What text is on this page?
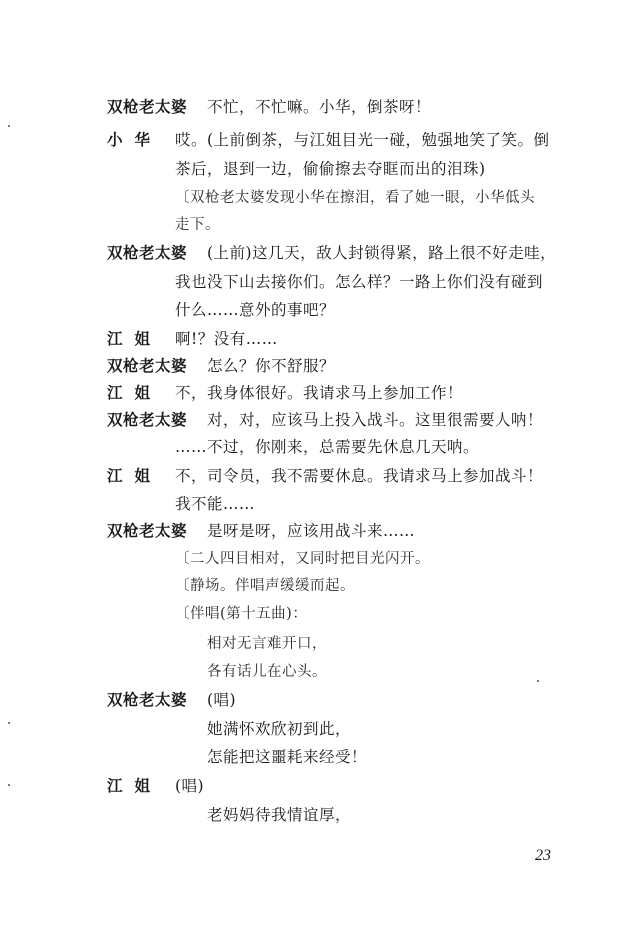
双枪老太婆 不忙，不忙嘛。小华，倒茶呀！
小华 哎。(上前倒茶，与江姐目光一碰，勉强地笑了笑。倒
茶后，退到一边，偷偷擦去夺眶而出的泪珠)
〔双枪老太婆发现小华在擦泪，看了她一眼，小华低头
走下。
双枪老太婆 (上前)这几天，敌人封锁得紧，路上很不好走哇，
我也没下山去接你们。怎么样？一路上你们没有碰到
什么……意外的事吧？
江姐 啊!？没有……
双枪老太婆 怎么？你不舒服？
江姐 不，我身体很好。我请求马上参加工作！
双枪老太婆 对，对，应该马上投入战斗。这里很需要人呐！
……不过，你刚来，总需要先休息几天呐。
江姐 不，司令员，我不需要休息。我请求马上参加战斗！
我不能……
双枪老太婆 是呀是呀，应该用战斗来……
〔二人四目相对，又同时把目光闪开。
〔静场。伴唱声缓缓而起。
〔伴唱(第十五曲)：
相对无言难开口，
各有话儿在心头。
双枪老太婆 (唱)
她满怀欢欣初到此，
怎能把这噩耗来经受！
江姐 (唱)
老妈妈待我情谊厚，
23
